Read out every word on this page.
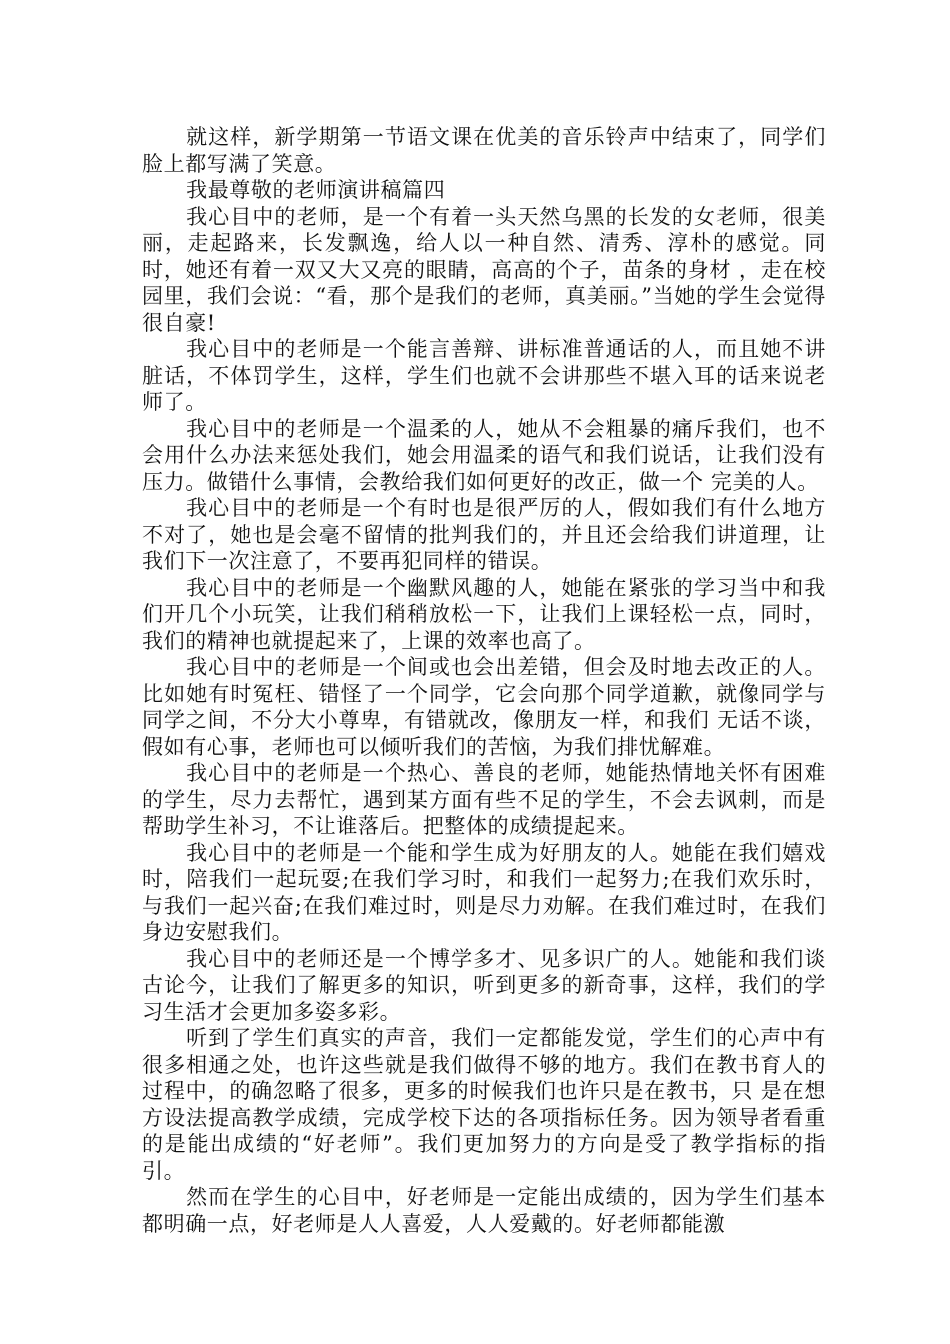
就这样，新学期第一节语文课在优美的音乐铃声中结束了，同学们脸上都写满了笑意。

我最尊敬的老师演讲稿篇四

我心目中的老师，是一个有着一头天然乌黑的长发的女老师，很美丽，走起路来，长发飘逸，给人以一种自然、清秀、淳朴的感觉。同时，她还有着一双又大又亮的眼睛，高高的个子，苗条的身材 ，走在校园里，我们会说：“看，那个是我们的老师，真美丽。”当她的学生会觉得很自豪!

我心目中的老师是一个能言善辩、讲标准普通话的人，而且她不讲脏话，不体罚学生，这样，学生们也就不会讲那些不堪入耳的话来说老师了。

我心目中的老师是一个温柔的人，她从不会粗暴的痛斥我们，也不会用什么办法来惩处我们，她会用温柔的语气和我们说话，让我们没有压力。做错什么事情，会教给我们如何更好的改正，做一个 完美的人。

我心目中的老师是一个有时也是很严厉的人，假如我们有什么地方不对了，她也是会毫不留情的批判我们的，并且还会给我们讲道理，让我们下一次注意了，不要再犯同样的错误。

我心目中的老师是一个幽默风趣的人，她能在紧张的学习当中和我们开几个小玩笑，让我们稍稍放松一下，让我们上课轻松一点，同时，我们的精神也就提起来了，上课的效率也高了。

我心目中的老师是一个间或也会出差错，但会及时地去改正的人。比如她有时冤枉、错怪了一个同学，它会向那个同学道歉，就像同学与同学之间，不分大小尊卑，有错就改，像朋友一样，和我们 无话不谈，假如有心事，老师也可以倾听我们的苦恼，为我们排忧解难。

我心目中的老师是一个热心、善良的老师，她能热情地关怀有困难的学生，尽力去帮忙，遇到某方面有些不足的学生，不会去讽刺，而是帮助学生补习，不让谁落后。把整体的成绩提起来。

我心目中的老师是一个能和学生成为好朋友的人。她能在我们嬉戏时，陪我们一起玩耍;在我们学习时，和我们一起努力;在我们欢乐时，与我们一起兴奋;在我们难过时，则是尽力劝解。在我们难过时，在我们身边安慰我们。

我心目中的老师还是一个博学多才、见多识广的人。她能和我们谈古论今，让我们了解更多的知识，听到更多的新奇事，这样，我们的学习生活才会更加多姿多彩。

听到了学生们真实的声音，我们一定都能发觉，学生们的心声中有很多相通之处，也许这些就是我们做得不够的地方。我们在教书育人的过程中，的确忽略了很多，更多的时候我们也许只是在教书，只 是在想方设法提高教学成绩，完成学校下达的各项指标任务。因为领导者看重的是能出成绩的“好老师”。我们更加努力的方向是受了教学指标的指引。

然而在学生的心目中，好老师是一定能出成绩的，因为学生们基本都明确一点，好老师是人人喜爱，人人爱戴的。好老师都能激
